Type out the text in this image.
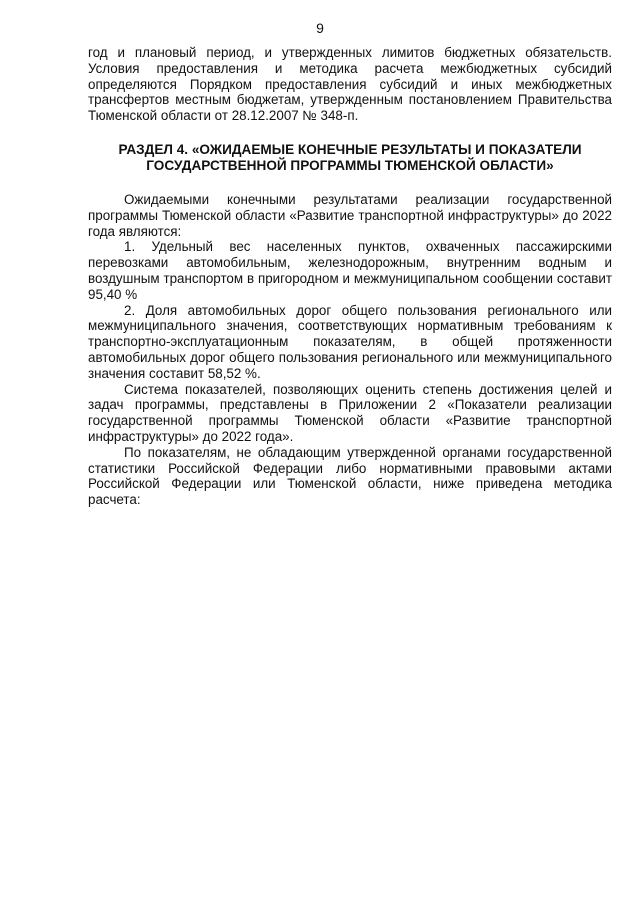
9

год и плановый период, и утвержденных лимитов бюджетных обязательств. Условия предоставления и методика расчета межбюджетных субсидий определяются Порядком предоставления субсидий и иных межбюджетных трансфертов местным бюджетам, утвержденным постановлением Правительства Тюменской области от 28.12.2007 № 348-п.

РАЗДЕЛ 4. «ОЖИДАЕМЫЕ КОНЕЧНЫЕ РЕЗУЛЬТАТЫ И ПОКАЗАТЕЛИ ГОСУДАРСТВЕННОЙ ПРОГРАММЫ ТЮМЕНСКОЙ ОБЛАСТИ»

Ожидаемыми конечными результатами реализации государственной программы Тюменской области «Развитие транспортной инфраструктуры» до 2022 года являются:

1. Удельный вес населенных пунктов, охваченных пассажирскими перевозками автомобильным, железнодорожным, внутренним водным и воздушным транспортом в пригородном и межмуниципальном сообщении составит 95,40 %

2. Доля автомобильных дорог общего пользования регионального или межмуниципального значения, соответствующих нормативным требованиям к транспортно-эксплуатационным показателям, в общей протяженности автомобильных дорог общего пользования регионального или межмуниципального значения составит 58,52 %.

Система показателей, позволяющих оценить степень достижения целей и задач программы, представлены в Приложении 2 «Показатели реализации государственной программы Тюменской области «Развитие транспортной инфраструктуры» до 2022 года».

По показателям, не обладающим утвержденной органами государственной статистики Российской Федерации либо нормативными правовыми актами Российской Федерации или Тюменской области, ниже приведена методика расчета:
